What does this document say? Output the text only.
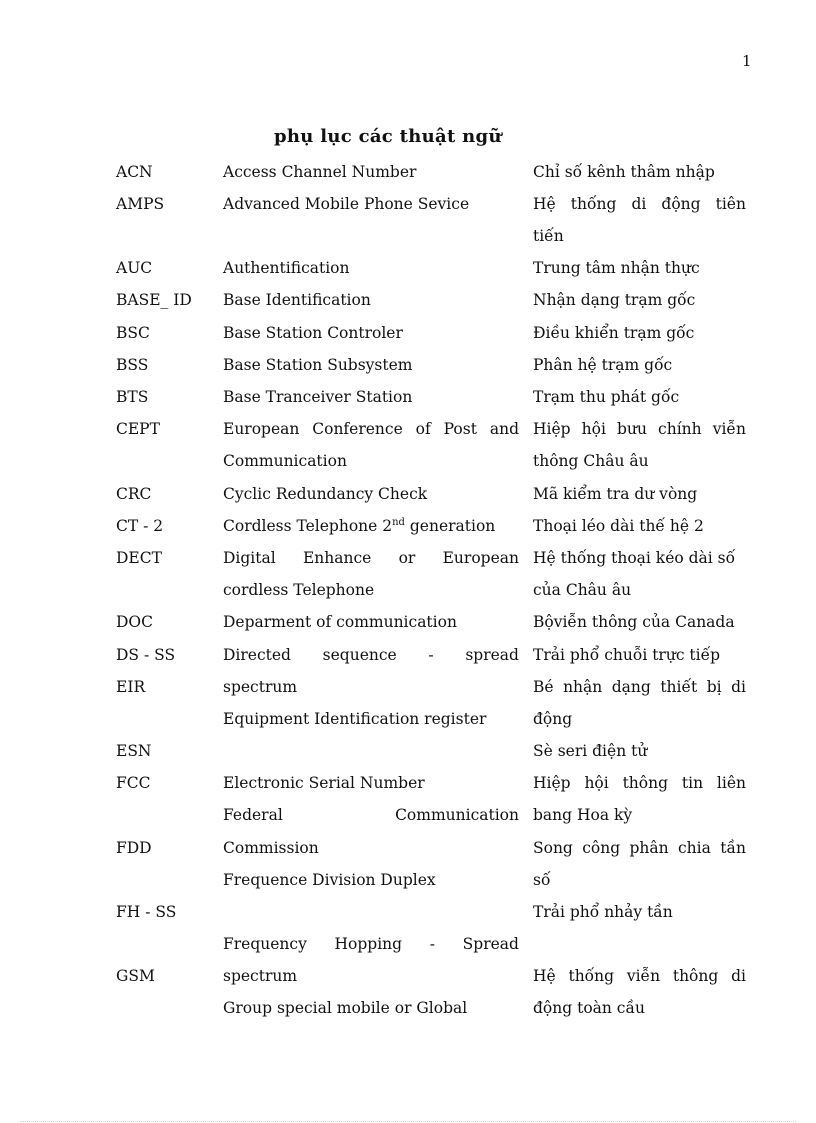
1
phụ lục các thuật ngữ
ACN
AMPS
AUC
BASE_ ID
BSC
BSS
BTS
CEPT
CRC
CT - 2
DECT
DOC
DS - SS
EIR
ESN
FCC
FDD
FH - SS
GSM
Access Channel Number
Advanced Mobile Phone Sevice
Authentification
Base Identification
Base Station Controler
Base Station Subsystem
Base Tranceiver Station
European Conference of Post and
Communication
Cyclic Redundancy Check
Cordless Telephone 2nd generation
Digital Enhance or European
cordless Telephone
Deparment of communication
Directed sequence - spread
spectrum
Equipment Identification register
Electronic Serial Number
Federal	Communication
Commission
Frequence Division Duplex
Frequency Hopping - Spread
spectrum
Group special mobile or Global
Chỉ số kênh thâm nhập
Hệ thống di động tiên
tiến
Trung tâm nhận thực
Nhận dạng trạm gốc
Điều khiển trạm gốc
Phân hệ trạm gốc
Trạm thu phát gốc
Hiệp hội bưu chính viễn
thông Châu âu
Mã kiểm tra dư vòng
Thoại léo dài thế hệ 2
Hệ thống thoại kéo dài số
của Châu âu
Bộviễn thông của Canada
Trải phổ chuỗi trực tiếp
Bé nhận dạng thiết bị di
động
Sè seri điện tử
Hiệp hội thông tin liên
bang Hoa kỳ
Song công phân chia tần
số
Trải phổ nhảy tần
Hệ thống viễn thông di
động toàn cầu
